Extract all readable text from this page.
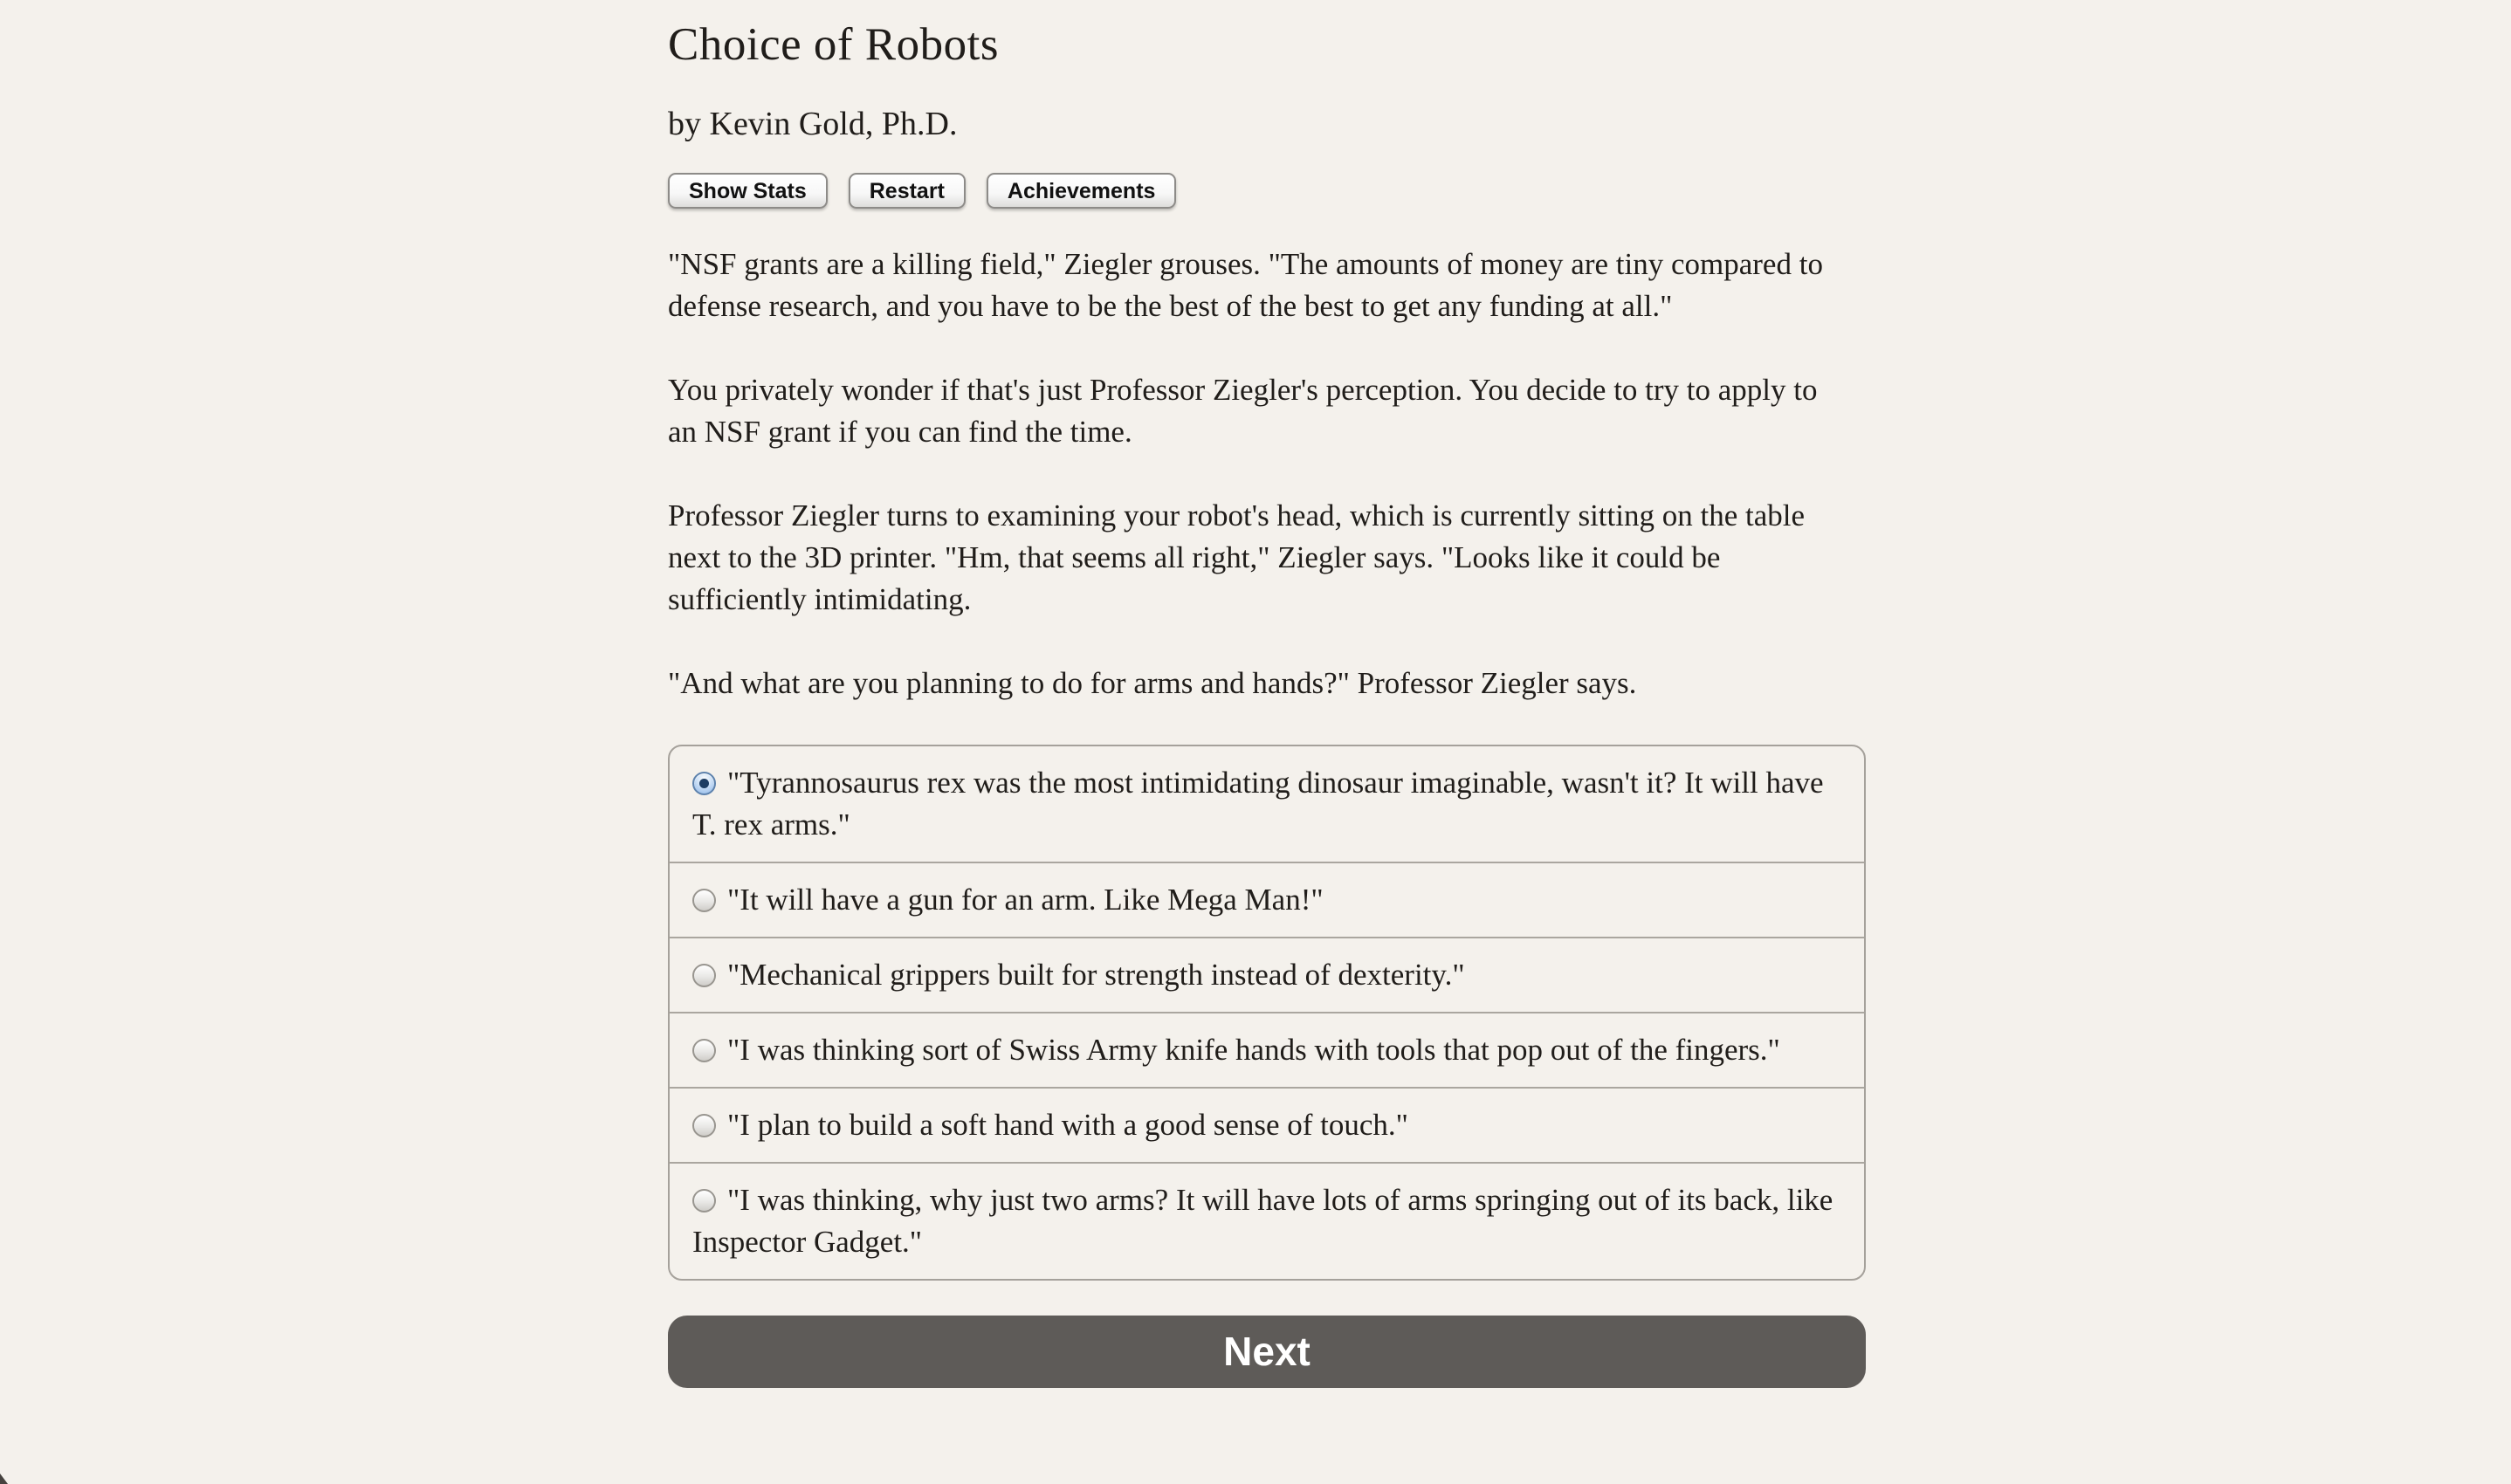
Choice of Robots

by Kevin Gold, Ph.D.

Show Stats	Restart	Achievements

"NSF grants are a killing field," Ziegler grouses. "The amounts of money are tiny compared to defense research, and you have to be the best of the best to get any funding at all."

You privately wonder if that's just Professor Ziegler's perception. You decide to try to apply to an NSF grant if you can find the time.

Professor Ziegler turns to examining your robot's head, which is currently sitting on the table next to the 3D printer. "Hm, that seems all right," Ziegler says. "Looks like it could be sufficiently intimidating.

"And what are you planning to do for arms and hands?" Professor Ziegler says.

"Tyrannosaurus rex was the most intimidating dinosaur imaginable, wasn't it? It will have T. rex arms."
"It will have a gun for an arm. Like Mega Man!"
"Mechanical grippers built for strength instead of dexterity."
"I was thinking sort of Swiss Army knife hands with tools that pop out of the fingers."
"I plan to build a soft hand with a good sense of touch."
"I was thinking, why just two arms? It will have lots of arms springing out of its back, like Inspector Gadget."
Next
